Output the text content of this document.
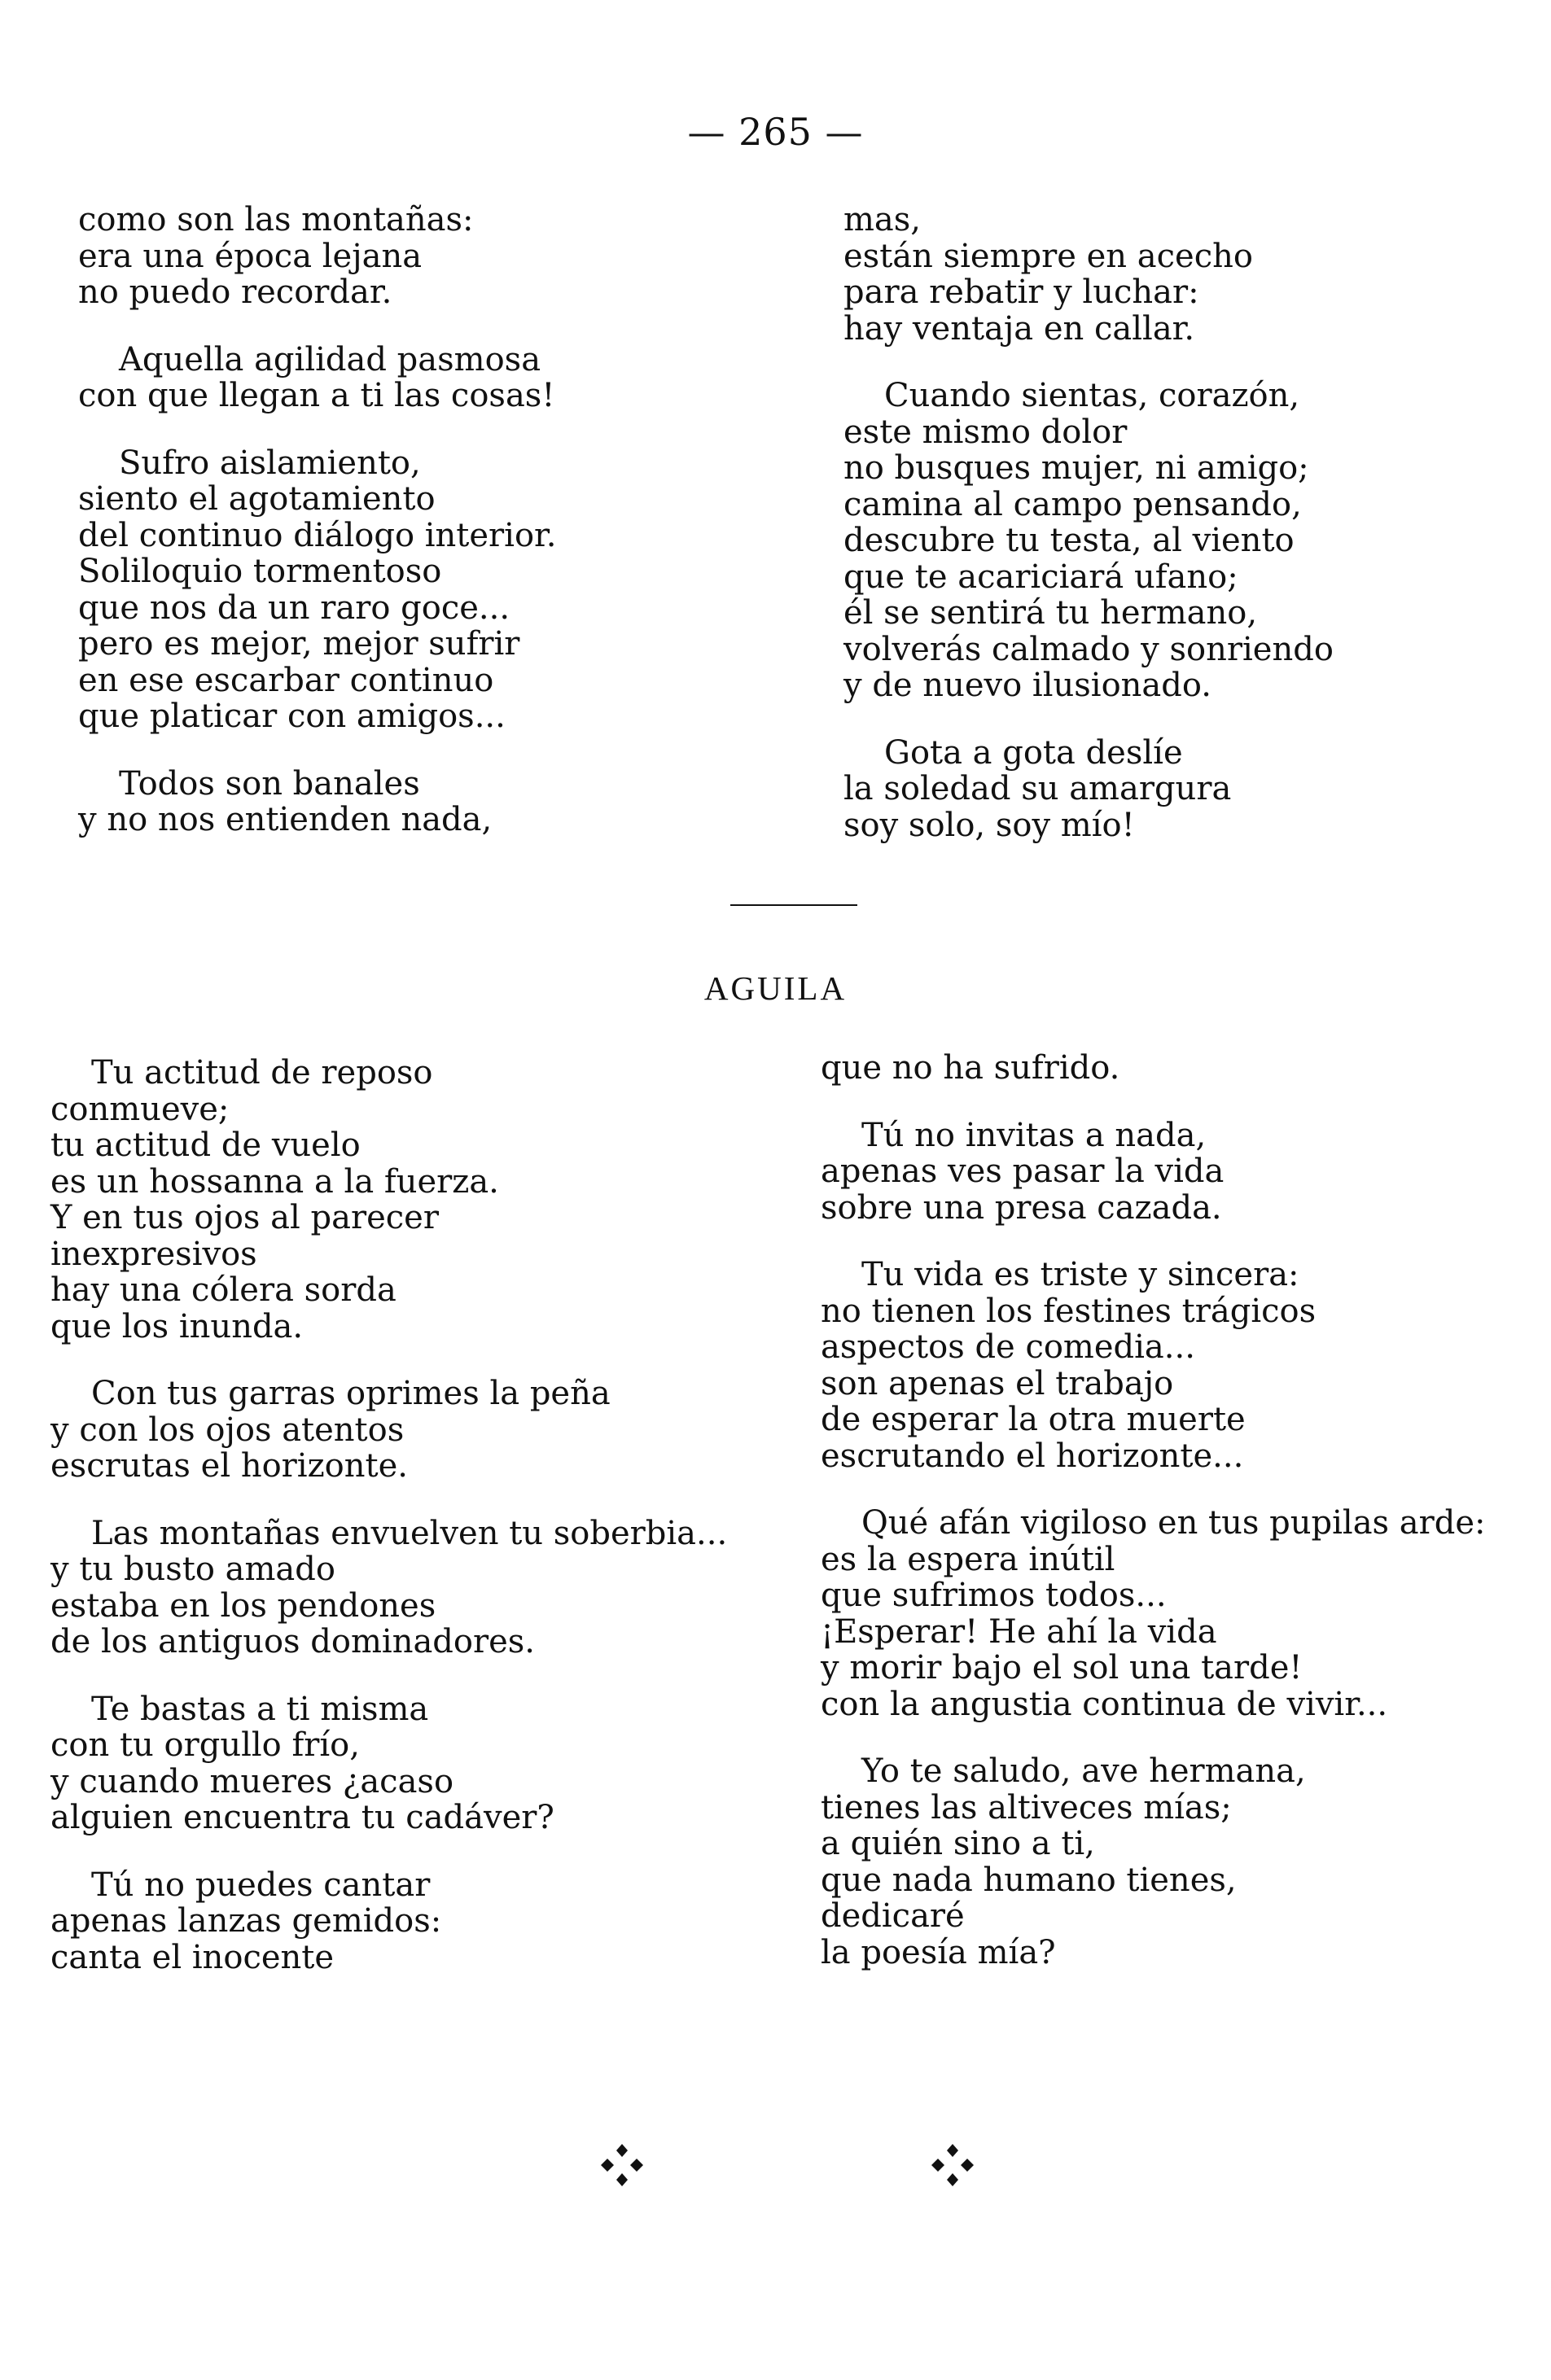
— 265 —
como son las montañas:
era una época lejana
no puedo recordar.
Aquella agilidad pasmosa
con que llegan a ti las cosas!
Sufro aislamiento,
siento el agotamiento
del continuo diálogo interior.
Soliloquio tormentoso
que nos da un raro goce...
pero es mejor, mejor sufrir
en ese escarbar continuo
que platicar con amigos...
Todos son banales
y no nos entienden nada,
mas,
están siempre en acecho
para rebatir y luchar:
hay ventaja en callar.
Cuando sientas, corazón,
este mismo dolor
no busques mujer, ni amigo;
camina al campo pensando,
descubre tu testa, al viento
que te acariciará ufano;
él se sentirá tu hermano,
volverás calmado y sonriendo
y de nuevo ilusionado.
Gota a gota deslíe
la soledad su amargura
soy solo, soy mío!
AGUILA
Tu actitud de reposo
conmueve;
tu actitud de vuelo
es un hossanna a la fuerza.
Y en tus ojos al parecer
inexpresivos
hay una cólera sorda
que los inunda.
Con tus garras oprimes la peña
y con los ojos atentos
escrutas el horizonte.
Las montañas envuelven tu soberbia...
y tu busto amado
estaba en los pendones
de los antiguos dominadores.
Te bastas a ti misma
con tu orgullo frío,
y cuando mueres ¿acaso
alguien encuentra tu cadáver?
Tú no puedes cantar
apenas lanzas gemidos:
canta el inocente
que no ha sufrido.
Tú no invitas a nada,
apenas ves pasar la vida
sobre una presa cazada.
Tu vida es triste y sincera:
no tienen los festines trágicos
aspectos de comedia...
son apenas el trabajo
de esperar la otra muerte
escrutando el horizonte...
Qué afán vigiloso en tus pupilas arde:
es la espera inútil
que sufrimos todos...
¡Esperar! He ahí la vida
y morir bajo el sol una tarde!
con la angustia continua de vivir...
Yo te saludo, ave hermana,
tienes las altiveces mías;
a quién sino a ti,
que nada humano tienes,
dedicaré
la poesía mía?
